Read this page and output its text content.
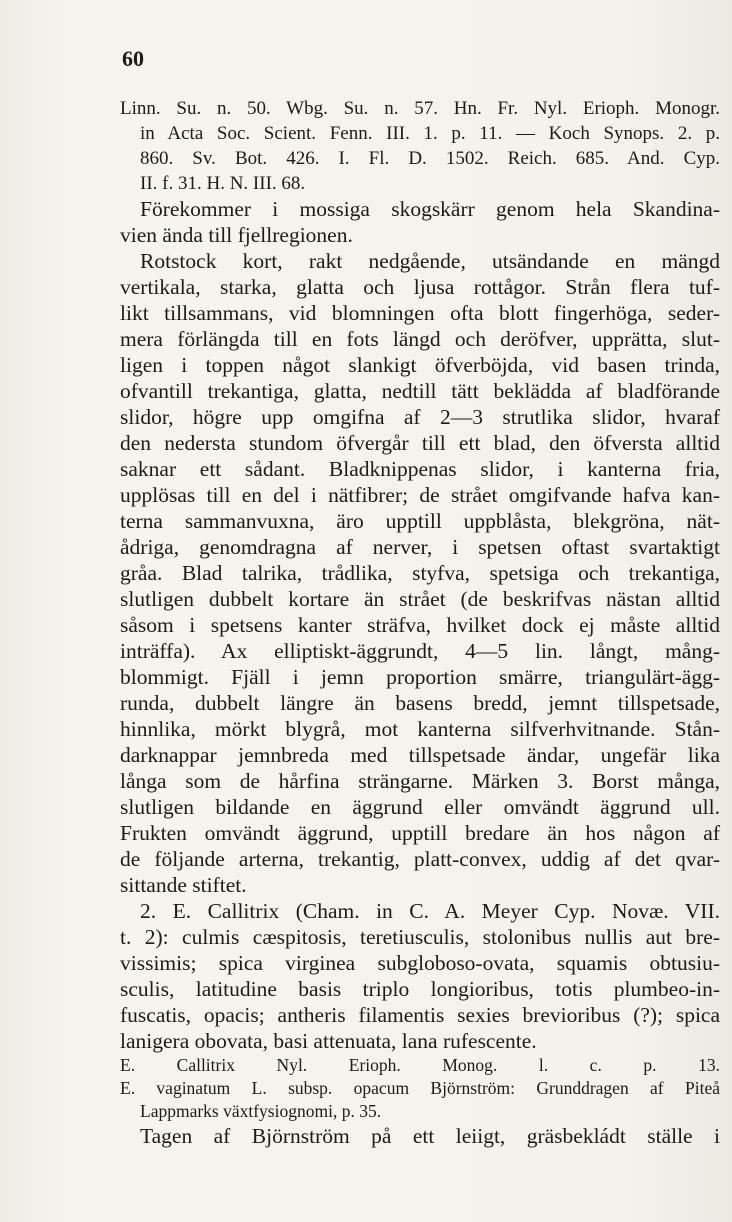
60
Linn. Su. n. 50. Wbg. Su. n. 57. Hn. Fr. Nyl. Erioph. Monogr.
in Acta Soc. Scient. Fenn. III. 1. p. 11. — Koch Synops. 2. p.
860. Sv. Bot. 426. I. Fl. D. 1502. Reich. 685. And. Cyp.
II. f. 31. H. N. III. 68.
Förekommer i mossiga skogskärr genom hela Skandina-
vien ända till fjellregionen.
Rotstock kort, rakt nedgående, utsändande en mängd
vertikala, starka, glatta och ljusa rottågor. Strån flera tuf-
likt tillsammans, vid blomningen ofta blott fingerhöga, seder-
mera förlängda till en fots längd och deröfver, upprätta, slut-
ligen i toppen något slankigt öfverböjda, vid basen trinda,
ofvantill trekantiga, glatta, nedtill tätt beklädda af bladförande
slidor, högre upp omgifna af 2—3 strutlika slidor, hvaraf
den nedersta stundom öfvergår till ett blad, den öfversta alltid
saknar ett sådant. Bladknippenas slidor, i kanterna fria,
upplösas till en del i nätfibrer; de strået omgifvande hafva kan-
terna sammanvuxna, äro upptill uppblåsta, blekgröna, nät-
ådriga, genomdragna af nerver, i spetsen oftast svartaktigt
gråa. Blad talrika, trådlika, styfva, spetsiga och trekantiga,
slutligen dubbelt kortare än strået (de beskrifvas nästan alltid
såsom i spetsens kanter sträfva, hvilket dock ej måste alltid
inträffa). Ax elliptiskt-äggrundt, 4—5 lin. långt, mång-
blommigt. Fjäll i jemn proportion smärre, triangulärt-ägg-
runda, dubbelt längre än basens bredd, jemnt tillspetsade,
hinnlika, mörkt blygrå, mot kanterna silfverhvitnande. Stån-
darknappar jemnbreda med tillspetsade ändar, ungefär lika
långa som de hårfina strängarne. Märken 3. Borst många,
slutligen bildande en äggrund eller omvändt äggrund ull.
Frukten omvändt äggrund, upptill bredare än hos någon af
de följande arterna, trekantig, platt-convex, uddig af det qvar-
sittande stiftet.
2. E. Callitrix (Cham. in C. A. Meyer Cyp. Novæ. VII.
t. 2): culmis cæspitosis, teretiusculis, stolonibus nullis aut bre-
vissimis; spica virginea subgloboso-ovata, squamis obtusiu-
sculis, latitudine basis triplo longioribus, totis plumbeo-in-
fuscatis, opacis; antheris filamentis sexies brevioribus (?); spica
lanigera obovata, basi attenuata, lana rufescente.
E. Callitrix Nyl. Erioph. Monog. l. c. p. 13.
E. vaginatum L. subsp. opacum Björnström: Grunddragen af Piteå
Lappmarks växtfysiognomi, p. 35.
Tagen af Björnström på ett leiigt, gräsbekládt ställe i
